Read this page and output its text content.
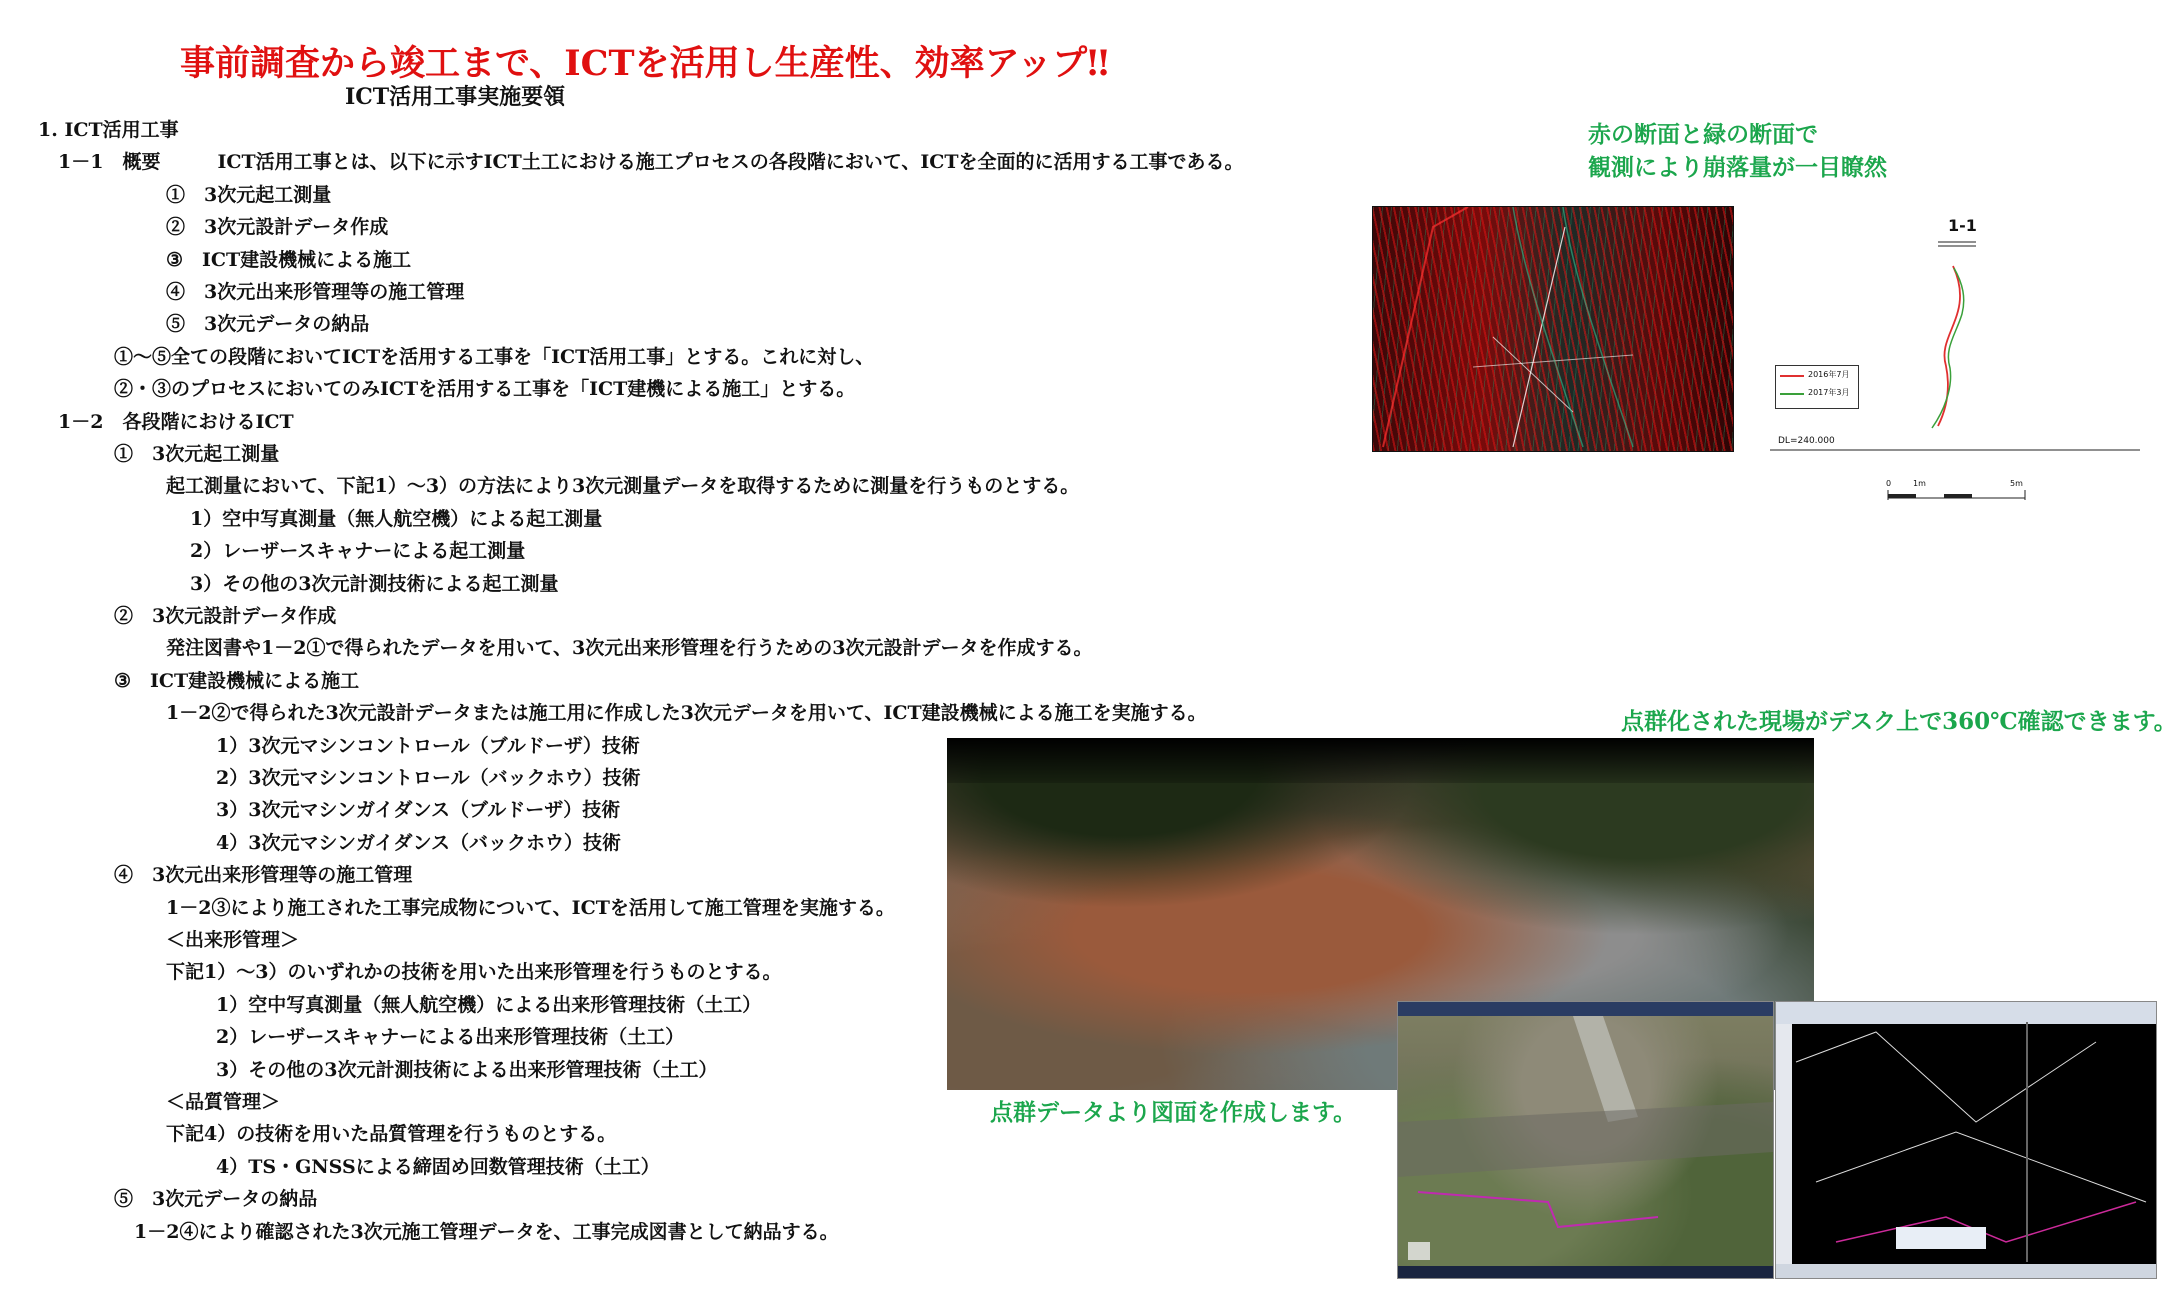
事前調査から竣工まで、ICTを活用し生産性、効率アップ‼
ICT活用工事実施要領
1. ICT活用工事
1－1　概要　　　ICT活用工事とは、以下に示すICT土工における施工プロセスの各段階において、ICTを全面的に活用する工事である。
①　3次元起工測量
②　3次元設計データ作成
③　ICT建設機械による施工
④　3次元出来形管理等の施工管理
⑤　3次元データの納品
①～⑤全ての段階においてICTを活用する工事を「ICT活用工事」とする。これに対し、
②・③のプロセスにおいてのみICTを活用する工事を「ICT建機による施工」とする。
1－2　各段階におけるICT
①　3次元起工測量
起工測量において、下記1）～3）の方法により3次元測量データを取得するために測量を行うものとする。
1）空中写真測量（無人航空機）による起工測量
2）レーザースキャナーによる起工測量
3）その他の3次元計測技術による起工測量
②　3次元設計データ作成
発注図書や1－2①で得られたデータを用いて、3次元出来形管理を行うための3次元設計データを作成する。
③　ICT建設機械による施工
1－2②で得られた3次元設計データまたは施工用に作成した3次元データを用いて、ICT建設機械による施工を実施する。
1）3次元マシンコントロール（ブルドーザ）技術
2）3次元マシンコントロール（バックホウ）技術
3）3次元マシンガイダンス（ブルドーザ）技術
4）3次元マシンガイダンス（バックホウ）技術
④　3次元出来形管理等の施工管理
1－2③により施工された工事完成物について、ICTを活用して施工管理を実施する。
＜出来形管理＞
下記1）～3）のいずれかの技術を用いた出来形管理を行うものとする。
1）空中写真測量（無人航空機）による出来形管理技術（土工）
2）レーザースキャナーによる出来形管理技術（土工）
3）その他の3次元計測技術による出来形管理技術（土工）
＜品質管理＞
下記4）の技術を用いた品質管理を行うものとする。
4）TS・GNSSによる締固め回数管理技術（土工）
⑤　3次元データの納品
1－2④により確認された3次元施工管理データを、工事完成図書として納品する。
赤の断面と緑の断面で
観測により崩落量が一目瞭然
1-1
2016年7月
2017年3月
DL=240.000
0	1m	5m
点群化された現場がデスク上で360℃確認できます。
点群データより図面を作成します。
